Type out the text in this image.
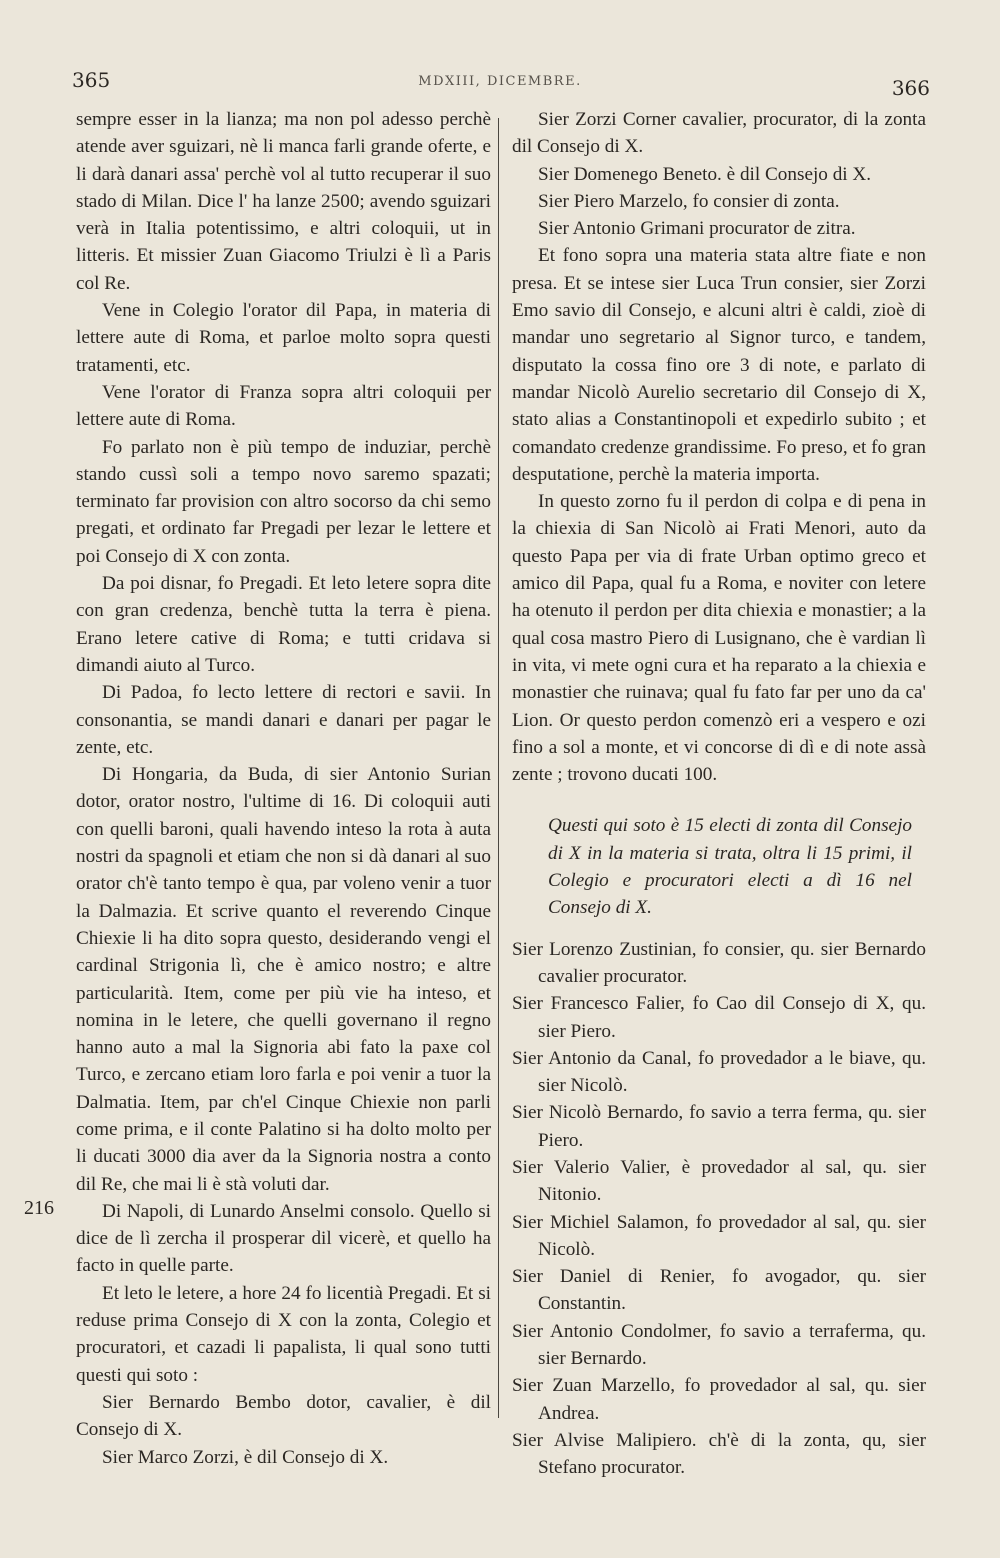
365	MDXIII, DICEMBRE.	366
216

sempre esser in la lianza; ma non pol adesso perchè atende aver sguizari, nè li manca farli grande oferte, e li darà danari assa' perchè vol al tutto recuperar il suo stado di Milan. Dice l' ha lanze 2500; avendo sguizari verà in Italia potentissimo, e altri coloquii, ut in litteris. Et missier Zuan Giacomo Triulzi è lì a Paris col Re.

Vene in Colegio l'orator dil Papa, in materia di lettere aute di Roma, et parloe molto sopra questi tratamenti, etc.

Vene l'orator di Franza sopra altri coloquii per lettere aute di Roma.

Fo parlato non è più tempo de induziar, perchè stando cussì soli a tempo novo saremo spazati; terminato far provision con altro socorso da chi semo pregati, et ordinato far Pregadi per lezar le lettere et poi Consejo di X con zonta.

Da poi disnar, fo Pregadi. Et leto letere sopra dite con gran credenza, benchè tutta la terra è piena. Erano letere cative di Roma; e tutti cridava si dimandi aiuto al Turco.

Di Padoa, fo lecto lettere di rectori e savii. In consonantia, se mandi danari e danari per pagar le zente, etc.

Di Hongaria, da Buda, di sier Antonio Surian dotor, orator nostro, l'ultime di 16. Di coloquii auti con quelli baroni, quali havendo inteso la rota à auta nostri da spagnoli et etiam che non si dà danari al suo orator ch'è tanto tempo è qua, par voleno venir a tuor la Dalmazia. Et scrive quanto el reverendo Cinque Chiexie li ha dito sopra questo, desiderando vengi el cardinal Strigonia lì, che è amico nostro; e altre particularità. Item, come per più vie ha inteso, et nomina in le letere, che quelli governano il regno hanno auto a mal la Signoria abi fato la paxe col Turco, e zercano etiam loro farla e poi venir a tuor la Dalmatia. Item, par ch'el Cinque Chiexie non parli come prima, e il conte Palatino si ha dolto molto per li ducati 3000 dia aver da la Signoria nostra a conto dil Re, che mai li è stà voluti dar.

Di Napoli, di Lunardo Anselmi consolo. Quello si dice de lì zercha il prosperar dil vicerè, et quello ha facto in quelle parte.

Et leto le letere, a hore 24 fo licentià Pregadi. Et si reduse prima Consejo di X con la zonta, Colegio et procuratori, et cazadi li papalista, li qual sono tutti questi qui soto :

Sier Bernardo Bembo dotor, cavalier, è dil Consejo di X.

Sier Marco Zorzi, è dil Consejo di X.

Sier Zorzi Corner cavalier, procurator, di la zonta dil Consejo di X.

Sier Domenego Beneto. è dil Consejo di X.

Sier Piero Marzelo, fo consier di zonta.

Sier Antonio Grimani procurator de zitra.

Et fono sopra una materia stata altre fiate e non presa. Et se intese sier Luca Trun consier, sier Zorzi Emo savio dil Consejo, e alcuni altri è caldi, zioè di mandar uno segretario al Signor turco, e tandem, disputato la cossa fino ore 3 di note, e parlato di mandar Nicolò Aurelio secretario dil Consejo di X, stato alias a Constantinopoli et expedirlo subito ; et comandato credenze grandissime. Fo preso, et fo gran desputatione, perchè la materia importa.

In questo zorno fu il perdon di colpa e di pena in la chiexia di San Nicolò ai Frati Menori, auto da questo Papa per via di frate Urban optimo greco et amico dil Papa, qual fu a Roma, e noviter con letere ha otenuto il perdon per dita chiexia e monastier; a la qual cosa mastro Piero di Lusignano, che è vardian lì in vita, vi mete ogni cura et ha reparato a la chiexia e monastier che ruinava; qual fu fato far per uno da ca' Lion. Or questo perdon comenzò eri a vespero e ozi fino a sol a monte, et vi concorse di dì e di note assà zente ; trovono ducati 100.

Questi qui soto è 15 electi di zonta dil Consejo di X in la materia si trata, oltra li 15 primi, il Colegio e procuratori electi a dì 16 nel Consejo di X.

Sier Lorenzo Zustinian, fo consier, qu. sier Bernardo cavalier procurator.

Sier Francesco Falier, fo Cao dil Consejo di X, qu. sier Piero.

Sier Antonio da Canal, fo provedador a le biave, qu. sier Nicolò.

Sier Nicolò Bernardo, fo savio a terra ferma, qu. sier Piero.

Sier Valerio Valier, è provedador al sal, qu. sier Nitonio.

Sier Michiel Salamon, fo provedador al sal, qu. sier Nicolò.

Sier Daniel di Renier, fo avogador, qu. sier Constantin.

Sier Antonio Condolmer, fo savio a terraferma, qu. sier Bernardo.

Sier Zuan Marzello, fo provedador al sal, qu. sier Andrea.

Sier Alvise Malipiero. ch'è di la zonta, qu, sier Stefano procurator.
